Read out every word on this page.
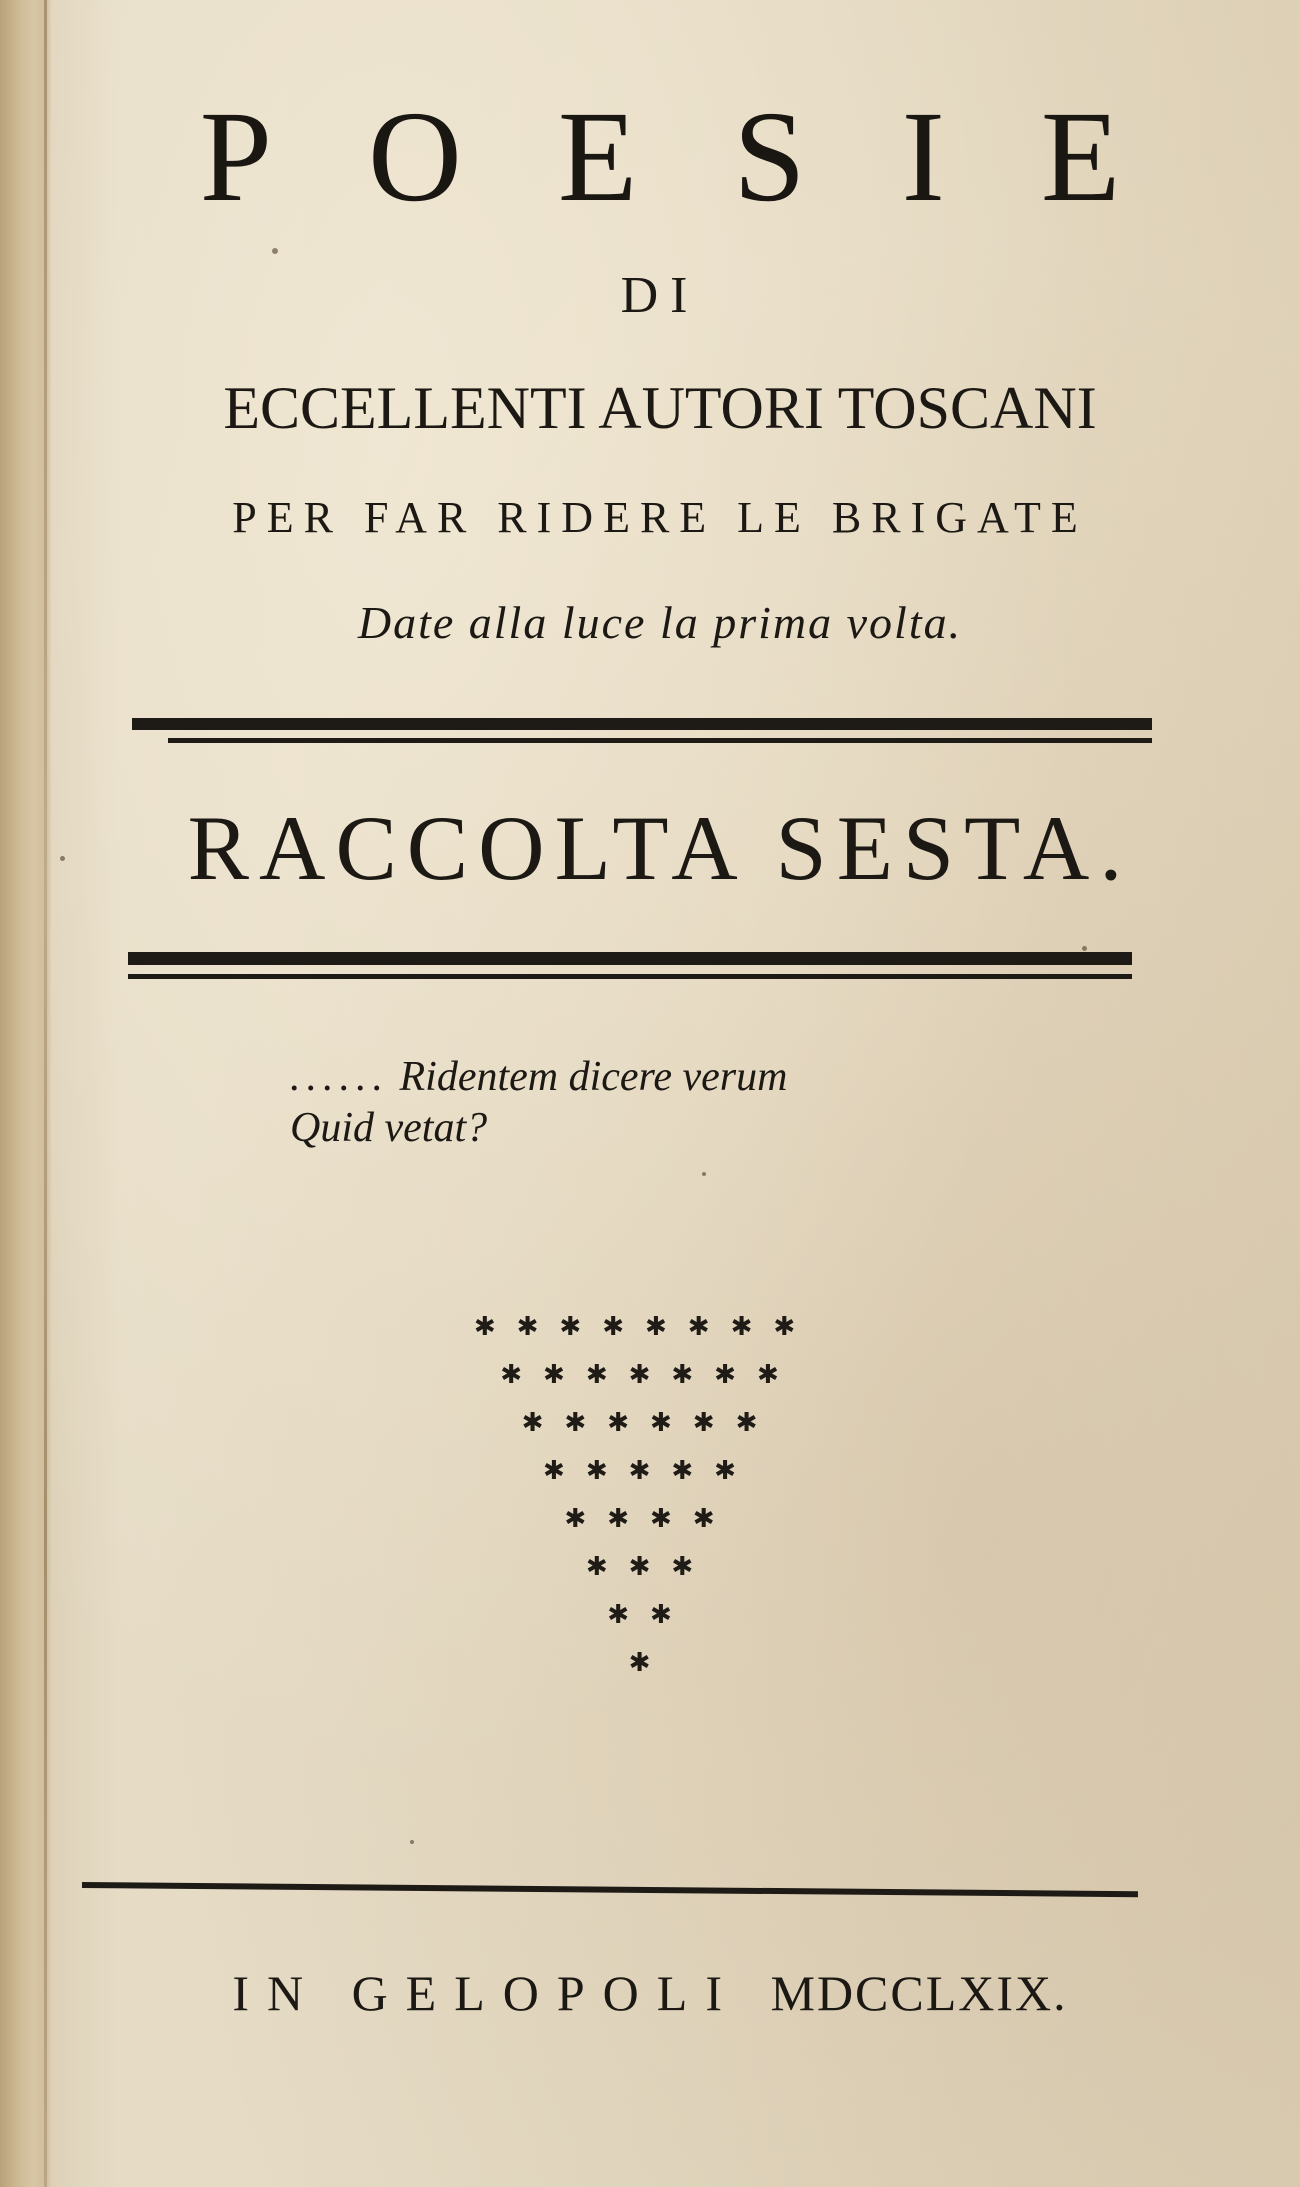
POESIE
DI
ECCELLENTI AUTORI TOSCANI
PER FAR RIDERE LE BRIGATE
Date alla luce la prima volta.
RACCOLTA SESTA.
...... Ridentem dicere verum
Quid vetat?
✱✱✱✱✱✱✱✱
✱✱✱✱✱✱✱
✱✱✱✱✱✱
✱✱✱✱✱
✱✱✱✱
✱✱✱
✱✱
✱
IN GELOPOLI MDCCLXIX.
